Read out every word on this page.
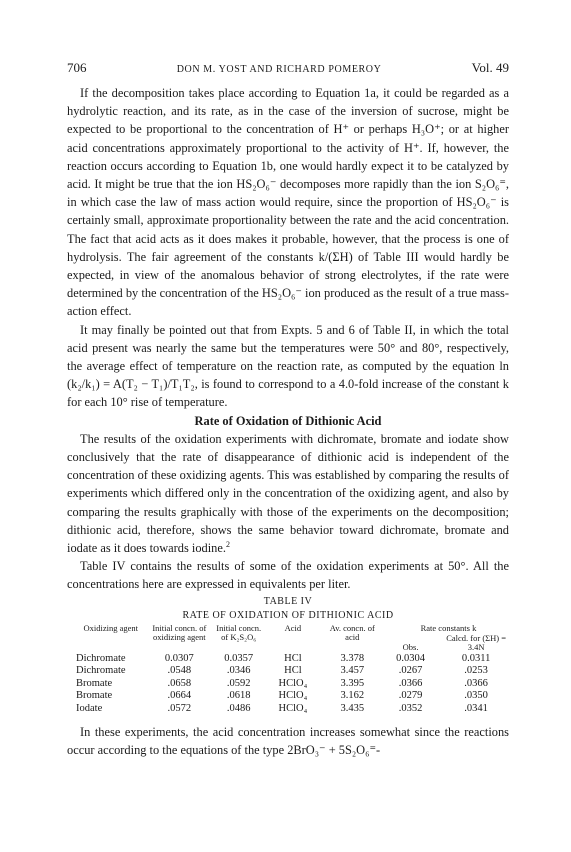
706	DON M. YOST AND RICHARD POMEROY	Vol. 49

If the decomposition takes place according to Equation 1a, it could be regarded as a hydrolytic reaction, and its rate, as in the case of the inversion of sucrose, might be expected to be proportional to the concentration of H⁺ or perhaps H₃O⁺; or at higher acid concentrations approximately proportional to the activity of H⁺. If, however, the reaction occurs according to Equation 1b, one would hardly expect it to be catalyzed by acid. It might be true that the ion HS₂O₆⁻ decomposes more rapidly than the ion S₂O₆⁼, in which case the law of mass action would require, since the proportion of HS₂O₆⁻ is certainly small, approximate proportionality between the rate and the acid concentration. The fact that acid acts as it does makes it probable, however, that the process is one of hydrolysis. The fair agreement of the constants k/(ΣH) of Table III would hardly be expected, in view of the anomalous behavior of strong electrolytes, if the rate were determined by the concentration of the HS₂O₆⁻ ion produced as the result of a true mass-action effect.

It may finally be pointed out that from Expts. 5 and 6 of Table II, in which the total acid present was nearly the same but the temperatures were 50° and 80°, respectively, the average effect of temperature on the reaction rate, as computed by the equation ln (k₂/k₁) = A(T₂ − T₁)/T₁T₂, is found to correspond to a 4.0-fold increase of the constant k for each 10° rise of temperature.

Rate of Oxidation of Dithionic Acid

The results of the oxidation experiments with dichromate, bromate and iodate show conclusively that the rate of disappearance of dithionic acid is independent of the concentration of these oxidizing agents. This was established by comparing the results of experiments which differed only in the concentration of the oxidizing agent, and also by comparing the results graphically with those of the experiments on the decomposition; dithionic acid, therefore, shows the same behavior toward dichromate, bromate and iodate as it does towards iodine.$^2$

Table IV contains the results of some of the oxidation experiments at 50°. All the concentrations here are expressed in equivalents per liter.

TABLE IV
RATE OF OXIDATION OF DITHIONIC ACID
Oxidizing agent	Initial concn. of oxidizing agent	Initial concn. of K₂S₂O₆	Acid	Av. concn. of acid	Rate constants k	
					Obs.	Calcd. for (ΣH) = 3.4N
Dichromate	0.0307	0.0357	HCl	3.378	0.0304	0.0311
Dichromate	.0548	.0346	HCl	3.457	.0267	.0253
Bromate	.0658	.0592	HClO₄	3.395	.0366	.0366
Bromate	.0664	.0618	HClO₄	3.162	.0279	.0350
Iodate	.0572	.0486	HClO₄	3.435	.0352	.0341

In these experiments, the acid concentration increases somewhat since the reactions occur according to the equations of the type 2BrO₃⁻ + 5S₂O₆⁼-
